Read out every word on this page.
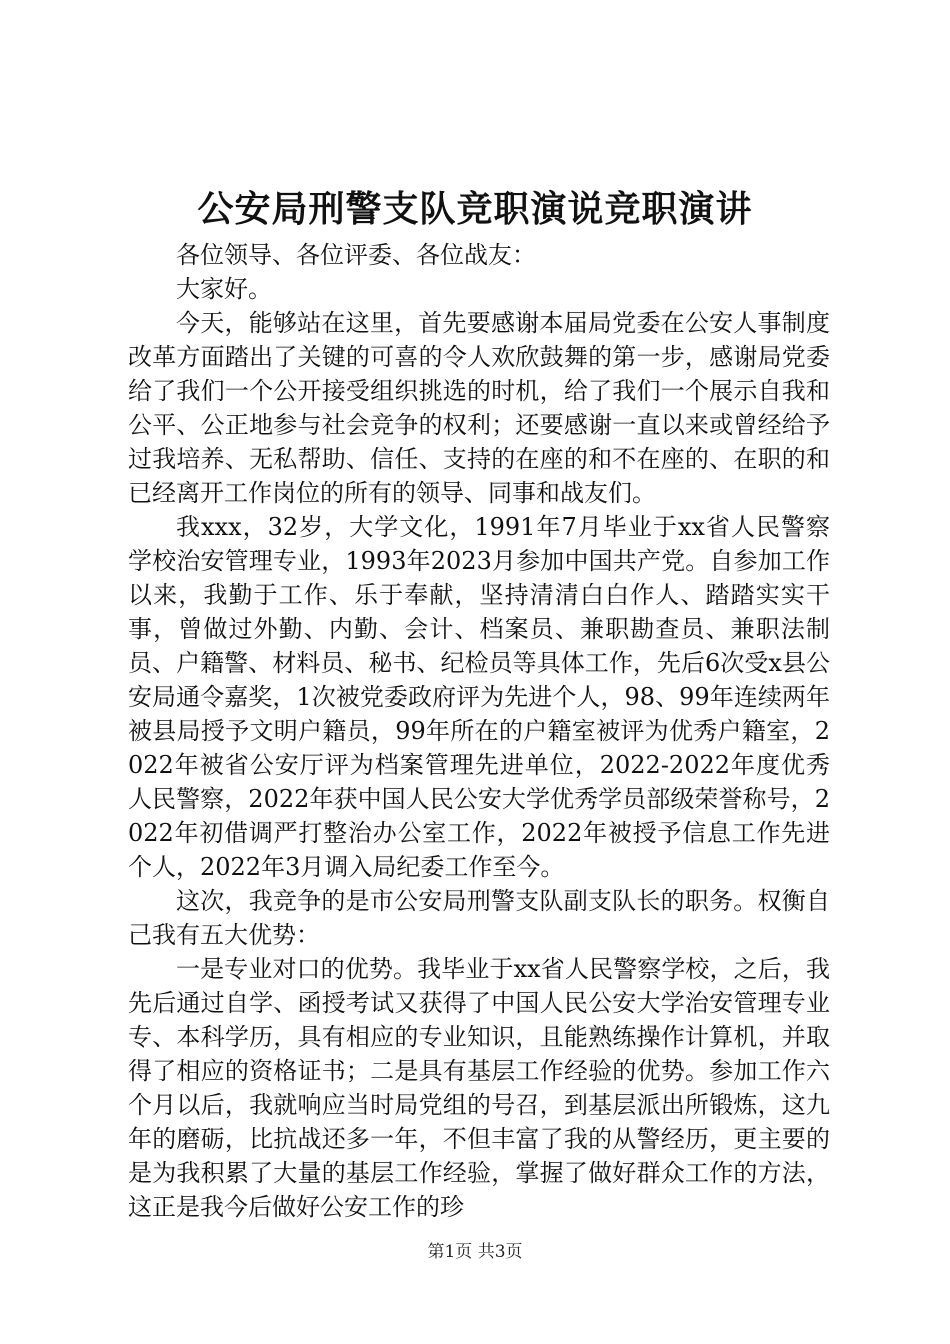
公安局刑警支队竞职演说竞职演讲

各位领导、各位评委、各位战友：

大家好。

今天，能够站在这里，首先要感谢本届局党委在公安人事制度改革方面踏出了关键的可喜的令人欢欣鼓舞的第一步，感谢局党委给了我们一个公开接受组织挑选的时机，给了我们一个展示自我和公平、公正地参与社会竞争的权利；还要感谢一直以来或曾经给予过我培养、无私帮助、信任、支持的在座的和不在座的、在职的和已经离开工作岗位的所有的领导、同事和战友们。

我xxx，32岁，大学文化，1991年7月毕业于xx省人民警察学校治安管理专业，1993年2023月参加中国共产党。自参加工作以来，我勤于工作、乐于奉献，坚持清清白白作人、踏踏实实干事，曾做过外勤、内勤、会计、档案员、兼职勘查员、兼职法制员、户籍警、材料员、秘书、纪检员等具体工作，先后6次受x县公安局通令嘉奖，1次被党委政府评为先进个人，98、99年连续两年被县局授予文明户籍员，99年所在的户籍室被评为优秀户籍室，2022年被省公安厅评为档案管理先进单位，2022-2022年度优秀人民警察，2022年获中国人民公安大学优秀学员部级荣誉称号，2022年初借调严打整治办公室工作，2022年被授予信息工作先进个人，2022年3月调入局纪委工作至今。

这次，我竞争的是市公安局刑警支队副支队长的职务。权衡自己我有五大优势：

一是专业对口的优势。我毕业于xx省人民警察学校，之后，我先后通过自学、函授考试又获得了中国人民公安大学治安管理专业专、本科学历，具有相应的专业知识，且能熟练操作计算机，并取得了相应的资格证书；二是具有基层工作经验的优势。参加工作六个月以后，我就响应当时局党组的号召，到基层派出所锻炼，这九年的磨砺，比抗战还多一年，不但丰富了我的从警经历，更主要的是为我积累了大量的基层工作经验，掌握了做好群众工作的方法，这正是我今后做好公安工作的珍

第1页 共3页
